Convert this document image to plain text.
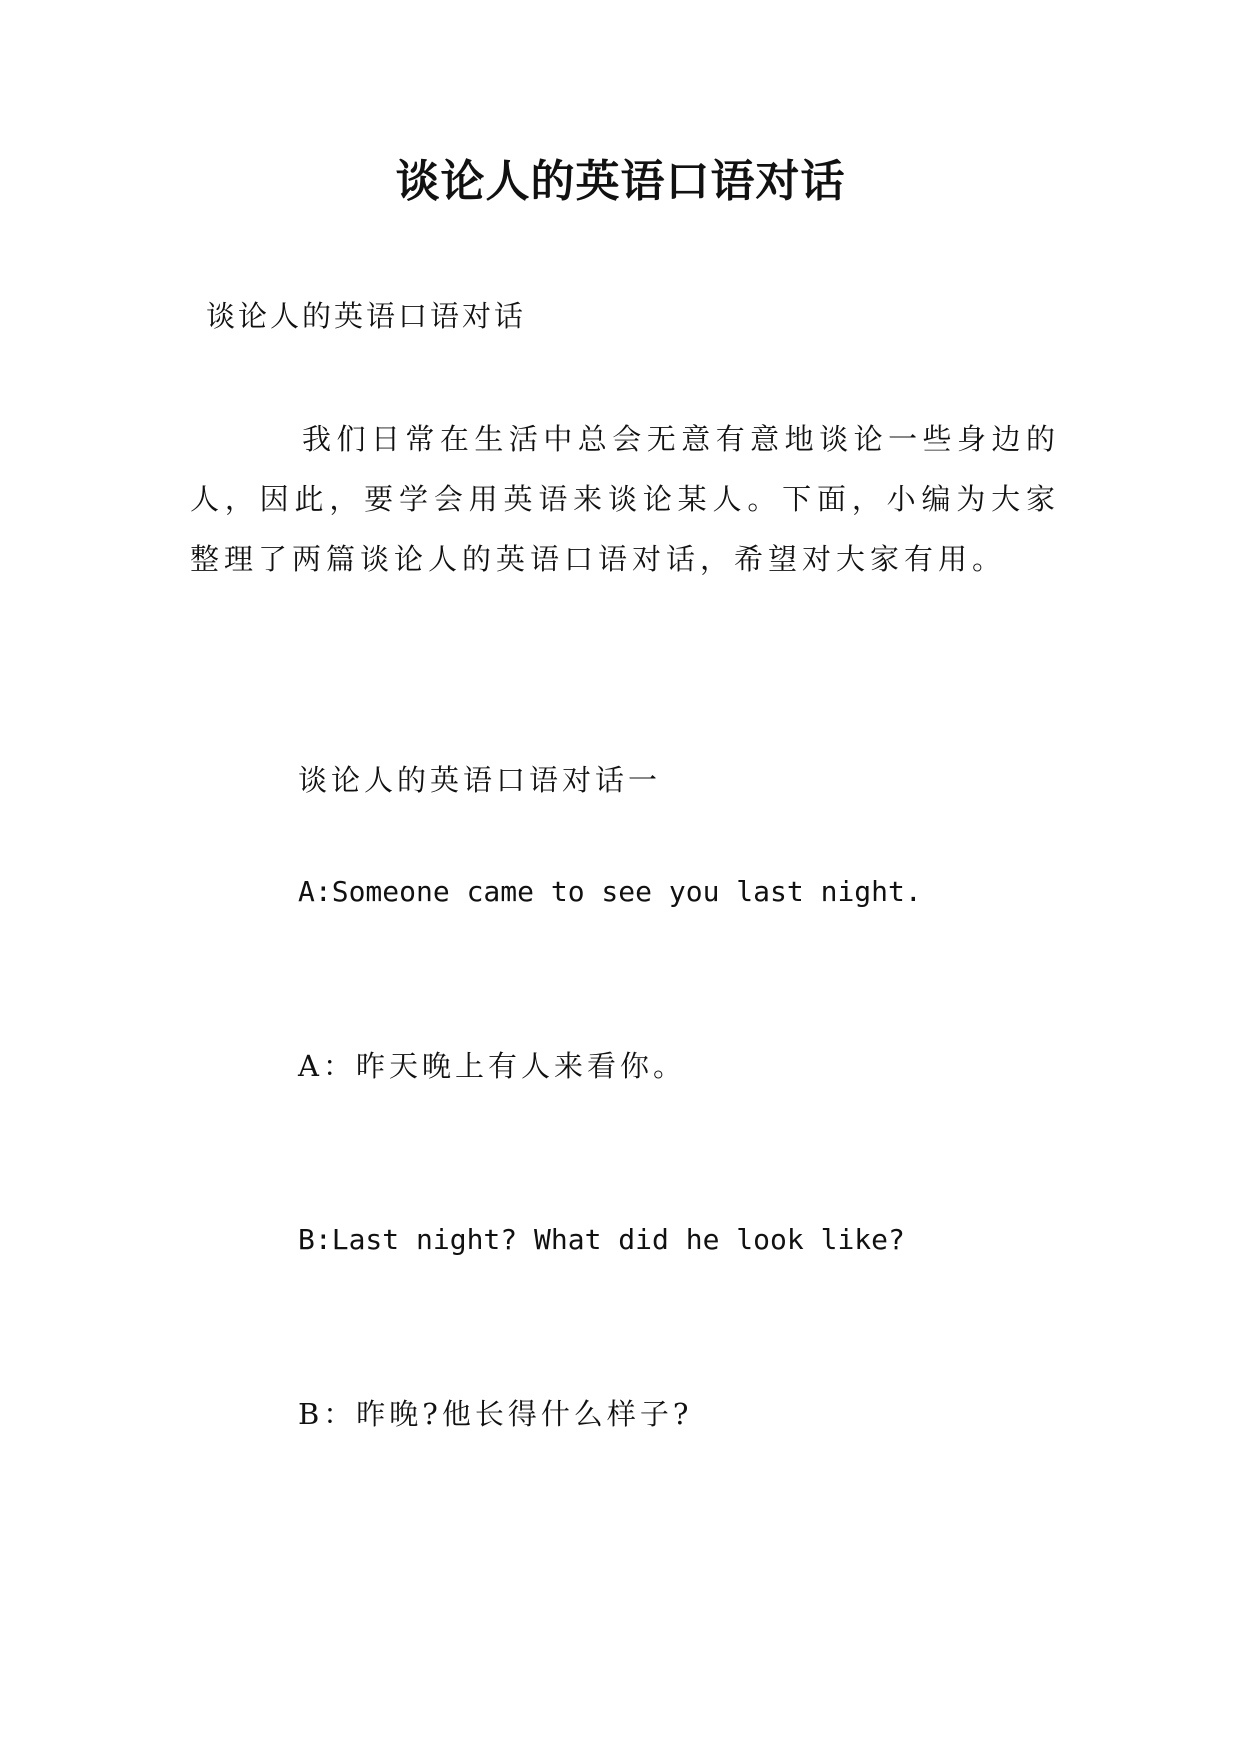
谈论人的英语口语对话
谈论人的英语口语对话

我们日常在生活中总会无意有意地谈论一些身边的人，因此，要学会用英语来谈论某人。下面，小编为大家整理了两篇谈论人的英语口语对话，希望对大家有用。

谈论人的英语口语对话一
A:Someone came to see you last night.
A：昨天晚上有人来看你。
B:Last night? What did he look like?
B：昨晚?他长得什么样子?
